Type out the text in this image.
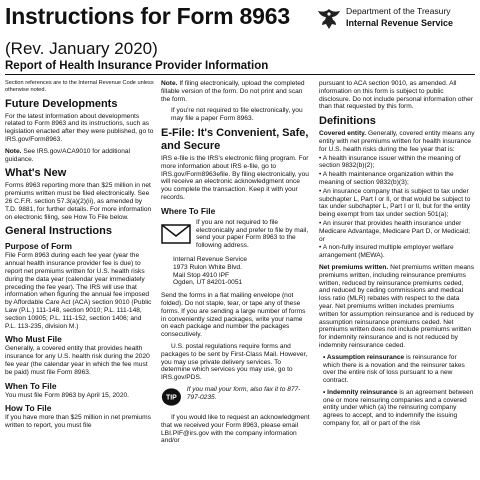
Instructions for Form 8963
(Rev. January 2020)
Report of Health Insurance Provider Information
Department of the Treasury
Internal Revenue Service

Section references are to the Internal Revenue Code unless otherwise noted.

Future Developments

For the latest information about developments related to Form 8963 and its instructions, such as legislation enacted after they were published, go to IRS.gov/Form8963.

Note. See IRS.gov/ACA9010 for additional guidance.

What's New

Forms 8963 reporting more than $25 million in net premiums written must be filed electronically. See 26 C.F.R. section 57.3(a)(2)(ii), as amended by T.D. 9881, for further details. For more information on electronic filing, see How To File below.

General Instructions
Purpose of Form

File Form 8963 during each fee year (year the annual health insurance provider fee is due) to report net premiums written for U.S. health risks during the data year (calendar year immediately preceding the fee year). The IRS will use that information when figuring the annual fee imposed by Affordable Care Act (ACA) section 9010 (Public Law (P.L.) 111-148, section 9010; P.L. 111-148, section 10905; P.L. 111-152, section 1406; and P.L. 113-235, division M.)

Who Must File

Generally, a covered entity that provides health insurance for any U.S. health risk during the 2020 fee year (the calendar year in which the fee must be paid) must file Form 8963.

When To File

You must file Form 8963 by April 15, 2020.

How To File

If you have more than $25 million in net premiums written to report, you must file

Note. If filing electronically, upload the completed fillable version of the form. Do not print and scan the form.

If you're not required to file electronically, you may file a paper Form 8963.

E-File: It's Convenient, Safe, and Secure

IRS e-file is the IRS's electronic filing program. For more information about IRS e-file, go to IRS.gov/Form8963efile. By filing electronically, you will receive an electronic acknowledgment once you complete the transaction. Keep it with your records.

Where To File

If you are not required to file electronically and prefer to file by mail, send your paper Form 8963 to the following address.

Internal Revenue Service
1973 Rulon White Blvd.
Mail Stop 4910 IPF
Ogden, UT 84201-0051

Send the forms in a flat mailing envelope (not folded). Do not staple, tear, or tape any of these forms. If you are sending a large number of forms in conveniently sized packages, write your name on each package and number the packages consecutively.

U.S. postal regulations require forms and packages to be sent by First-Class Mail. However, you may use private delivery services. To determine which services you may use, go to IRS.gov/PDS.

TIP

If you mail your form, also fax it to 877-797-0235.

If you would like to request an acknowledgment that we received your Form 8963, please email LBI.PIF@irs.gov with the company information and/or

pursuant to ACA section 9010, as amended. All information on this form is subject to public disclosure. Do not include personal information other than that requested by this form.

Definitions

Covered entity. Generally, covered entity means any entity with net premiums written for health insurance for U.S. health risks during the fee year that is:

• A health insurance issuer within the meaning of section 9832(b)(2);

• A health maintenance organization within the meaning of section 9832(b)(3);

• An insurance company that is subject to tax under subchapter L, Part I or II, or that would be subject to tax under subchapter L, Part I or II, but for the entity being exempt from tax under section 501(a);

• An insurer that provides health insurance under Medicare Advantage, Medicare Part D, or Medicaid; or

• A non-fully insured multiple employer welfare arrangement (MEWA).

Net premiums written. Net premiums written means premiums written, including reinsurance premiums written, reduced by reinsurance premiums ceded, and reduced by ceding commissions and medical loss ratio (MLR) rebates with respect to the data year. Net premiums written includes premiums written for assumption reinsurance and is reduced by assumption reinsurance premiums ceded. Net premiums written does not include premiums written for indemnity reinsurance and is not reduced by indemnity reinsurance ceded.

• Assumption reinsurance is reinsurance for which there is a novation and the reinsurer takes over the entire risk of loss pursuant to a new contract.

• Indemnity reinsurance is an agreement between one or more reinsuring companies and a covered entity under which (a) the reinsuring company agrees to accept, and to indemnify the issuing company for, all or part of the risk
